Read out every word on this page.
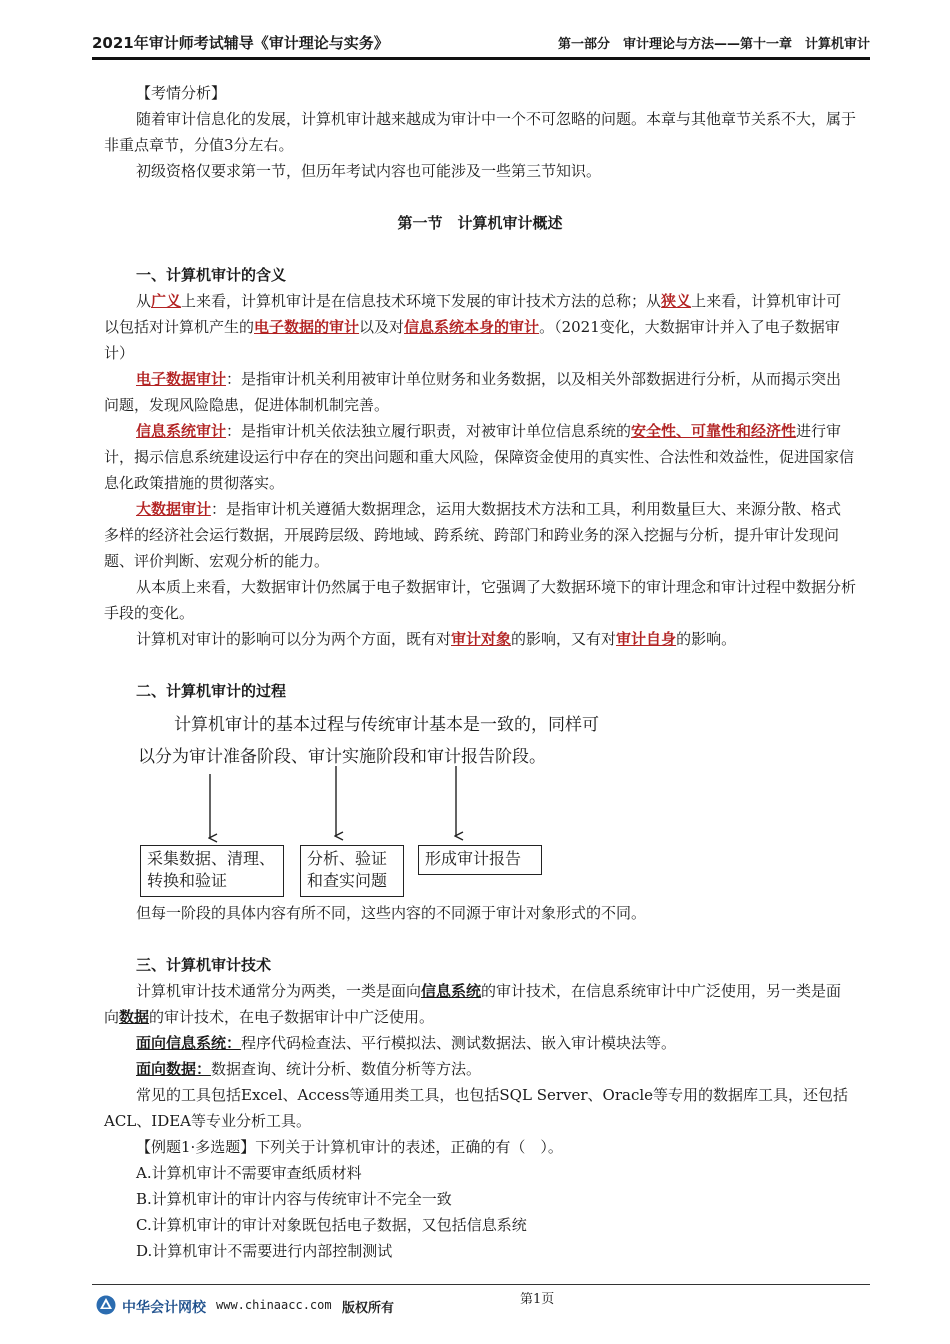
2021年审计师考试辅导《审计理论与实务》	第一部分　审计理论与方法——第十一章　计算机审计
【考情分析】
随着审计信息化的发展，计算机审计越来越成为审计中一个不可忽略的问题。本章与其他章节关系不大，属于非重点章节，分值3分左右。
初级资格仅要求第一节，但历年考试内容也可能涉及一些第三节知识。
第一节　计算机审计概述
一、计算机审计的含义
从广义上来看，计算机审计是在信息技术环境下发展的审计技术方法的总称；从狭义上来看，计算机审计可以包括对计算机产生的电子数据的审计以及对信息系统本身的审计。（2021变化，大数据审计并入了电子数据审计）
电子数据审计：是指审计机关利用被审计单位财务和业务数据，以及相关外部数据进行分析，从而揭示突出问题，发现风险隐患，促进体制机制完善。
信息系统审计：是指审计机关依法独立履行职责，对被审计单位信息系统的安全性、可靠性和经济性进行审计，揭示信息系统建设运行中存在的突出问题和重大风险，保障资金使用的真实性、合法性和效益性，促进国家信息化政策措施的贯彻落实。
大数据审计：是指审计机关遵循大数据理念，运用大数据技术方法和工具，利用数量巨大、来源分散、格式多样的经济社会运行数据，开展跨层级、跨地域、跨系统、跨部门和跨业务的深入挖掘与分析，提升审计发现问题、评价判断、宏观分析的能力。
从本质上来看，大数据审计仍然属于电子数据审计，它强调了大数据环境下的审计理念和审计过程中数据分析手段的变化。
计算机对审计的影响可以分为两个方面，既有对审计对象的影响，又有对审计自身的影响。
二、计算机审计的过程
计算机审计的基本过程与传统审计基本是一致的，同样可
以分为审计准备阶段、审计实施阶段和审计报告阶段。
采集数据、清理、
转换和验证
分析、验证
和查实问题
形成审计报告
但每一阶段的具体内容有所不同，这些内容的不同源于审计对象形式的不同。
三、计算机审计技术
计算机审计技术通常分为两类，一类是面向信息系统的审计技术，在信息系统审计中广泛使用，另一类是面向数据的审计技术，在电子数据审计中广泛使用。
面向信息系统：程序代码检查法、平行模拟法、测试数据法、嵌入审计模块法等。
面向数据：数据查询、统计分析、数值分析等方法。
常见的工具包括Excel、Access等通用类工具，也包括SQL Server、Oracle等专用的数据库工具，还包括ACL、IDEA等专业分析工具。
【例题1·多选题】下列关于计算机审计的表述，正确的有（　）。
A.计算机审计不需要审查纸质材料
B.计算机审计的审计内容与传统审计不完全一致
C.计算机审计的审计对象既包括电子数据，又包括信息系统
D.计算机审计不需要进行内部控制测试
中华会计网校 www.chinaacc.com 版权所有
第1页
